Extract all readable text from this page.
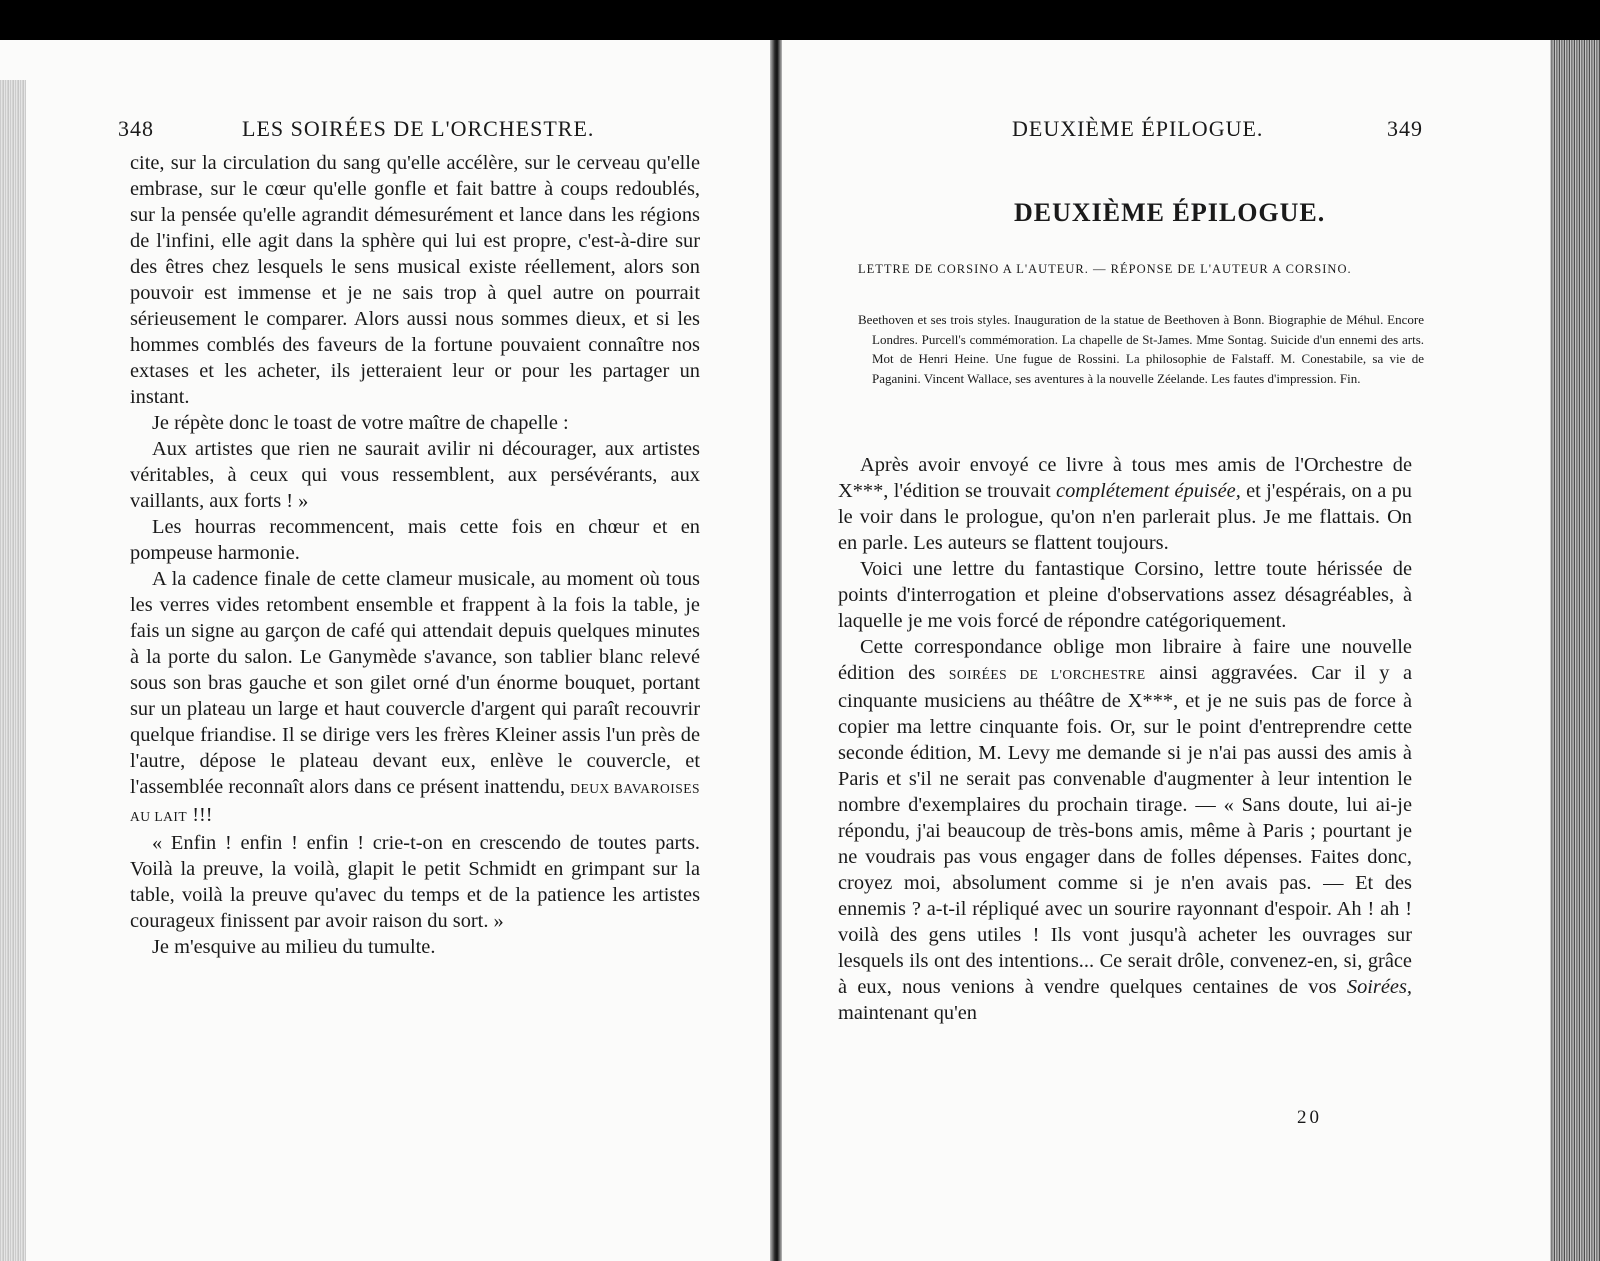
348	LES SOIRÉES DE L'ORCHESTRE.

cite, sur la circulation du sang qu'elle accélère, sur le cerveau qu'elle embrase, sur le cœur qu'elle gonfle et fait battre à coups redoublés, sur la pensée qu'elle agrandit démesurément et lance dans les régions de l'infini, elle agit dans la sphère qui lui est propre, c'est-à-dire sur des êtres chez lesquels le sens musical existe réellement, alors son pouvoir est immense et je ne sais trop à quel autre on pourrait sérieusement le comparer. Alors aussi nous sommes dieux, et si les hommes comblés des faveurs de la fortune pouvaient connaître nos extases et les acheter, ils jetteraient leur or pour les partager un instant.

Je répète donc le toast de votre maître de chapelle :

Aux artistes que rien ne saurait avilir ni décourager, aux artistes véritables, à ceux qui vous ressemblent, aux persévérants, aux vaillants, aux forts ! »

Les hourras recommencent, mais cette fois en chœur et en pompeuse harmonie.

A la cadence finale de cette clameur musicale, au moment où tous les verres vides retombent ensemble et frappent à la fois la table, je fais un signe au garçon de café qui attendait depuis quelques minutes à la porte du salon. Le Ganymède s'avance, son tablier blanc relevé sous son bras gauche et son gilet orné d'un énorme bouquet, portant sur un plateau un large et haut couvercle d'argent qui paraît recouvrir quelque friandise. Il se dirige vers les frères Kleiner assis l'un près de l'autre, dépose le plateau devant eux, enlève le couvercle, et l'assemblée reconnaît alors dans ce présent inattendu, DEUX BAVAROISES AU LAIT !!!

« Enfin ! enfin ! enfin ! crie-t-on en crescendo de toutes parts. Voilà la preuve, la voilà, glapit le petit Schmidt en grimpant sur la table, voilà la preuve qu'avec du temps et de la patience les artistes courageux finissent par avoir raison du sort. »

Je m'esquive au milieu du tumulte.

DEUXIÈME ÉPILOGUE.	349
DEUXIÈME ÉPILOGUE.
LETTRE DE CORSINO A L'AUTEUR. — RÉPONSE DE L'AUTEUR A CORSINO.
Beethoven et ses trois styles. Inauguration de la statue de Beethoven à Bonn. Biographie de Méhul. Encore Londres. Purcell's commémoration. La chapelle de St-James. Mme Sontag. Suicide d'un ennemi des arts. Mot de Henri Heine. Une fugue de Rossini. La philosophie de Falstaff. M. Conestabile, sa vie de Paganini. Vincent Wallace, ses aventures à la nouvelle Zéelande. Les fautes d'impression. Fin.

Après avoir envoyé ce livre à tous mes amis de l'Orchestre de X***, l'édition se trouvait complétement épuisée, et j'espérais, on a pu le voir dans le prologue, qu'on n'en parlerait plus. Je me flattais. On en parle. Les auteurs se flattent toujours.

Voici une lettre du fantastique Corsino, lettre toute hérissée de points d'interrogation et pleine d'observations assez désagréables, à laquelle je me vois forcé de répondre catégoriquement.

Cette correspondance oblige mon libraire à faire une nouvelle édition des SOIRÉES DE L'ORCHESTRE ainsi aggravées. Car il y a cinquante musiciens au théâtre de X***, et je ne suis pas de force à copier ma lettre cinquante fois. Or, sur le point d'entreprendre cette seconde édition, M. Levy me demande si je n'ai pas aussi des amis à Paris et s'il ne serait pas convenable d'augmenter à leur intention le nombre d'exemplaires du prochain tirage. — « Sans doute, lui ai-je répondu, j'ai beaucoup de très-bons amis, même à Paris ; pourtant je ne voudrais pas vous engager dans de folles dépenses. Faites donc, croyez moi, absolument comme si je n'en avais pas. — Et des ennemis ? a-t-il répliqué avec un sourire rayonnant d'espoir. Ah ! ah ! voilà des gens utiles ! Ils vont jusqu'à acheter les ouvrages sur lesquels ils ont des intentions... Ce serait drôle, convenez-en, si, grâce à eux, nous venions à vendre quelques centaines de vos Soirées, maintenant qu'en

20
